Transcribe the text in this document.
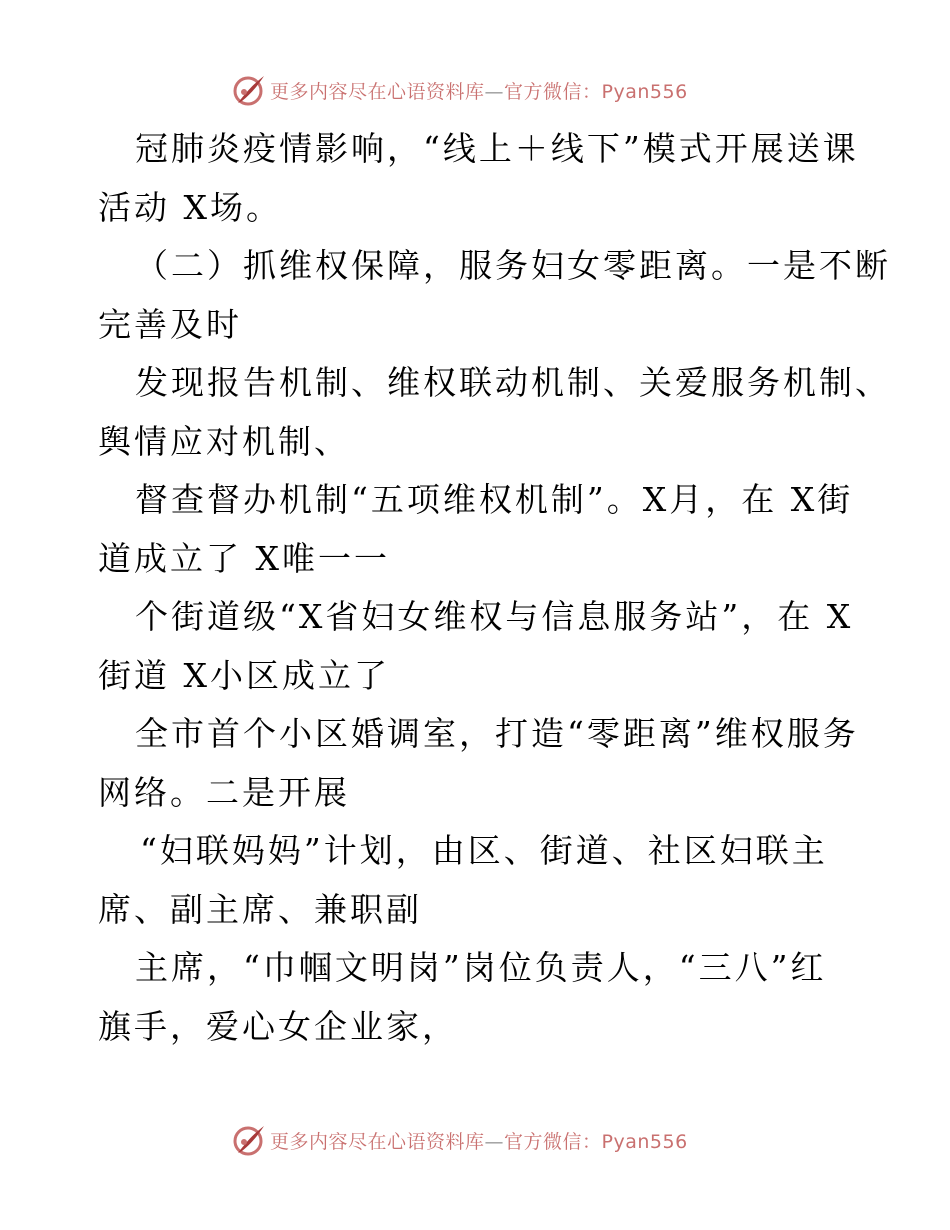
更多内容尽在心语资料库—官方微信：Pyan556
冠肺炎疫情影响，“线上＋线下”模式开展送课
活动 X场。
（二）抓维权保障，服务妇女零距离。一是不断
完善及时
发现报告机制、维权联动机制、关爱服务机制、
舆情应对机制、
督查督办机制“五项维权机制”。X月，在 X街
道成立了 X唯一一
个街道级“X省妇女维权与信息服务站”，在 X
街道 X小区成立了
全市首个小区婚调室，打造“零距离”维权服务
网络。二是开展
“妇联妈妈”计划，由区、街道、社区妇联主
席、副主席、兼职副
主席，“巾帼文明岗”岗位负责人，“三八”红
旗手，爱心女企业家，
更多内容尽在心语资料库—官方微信：Pyan556
